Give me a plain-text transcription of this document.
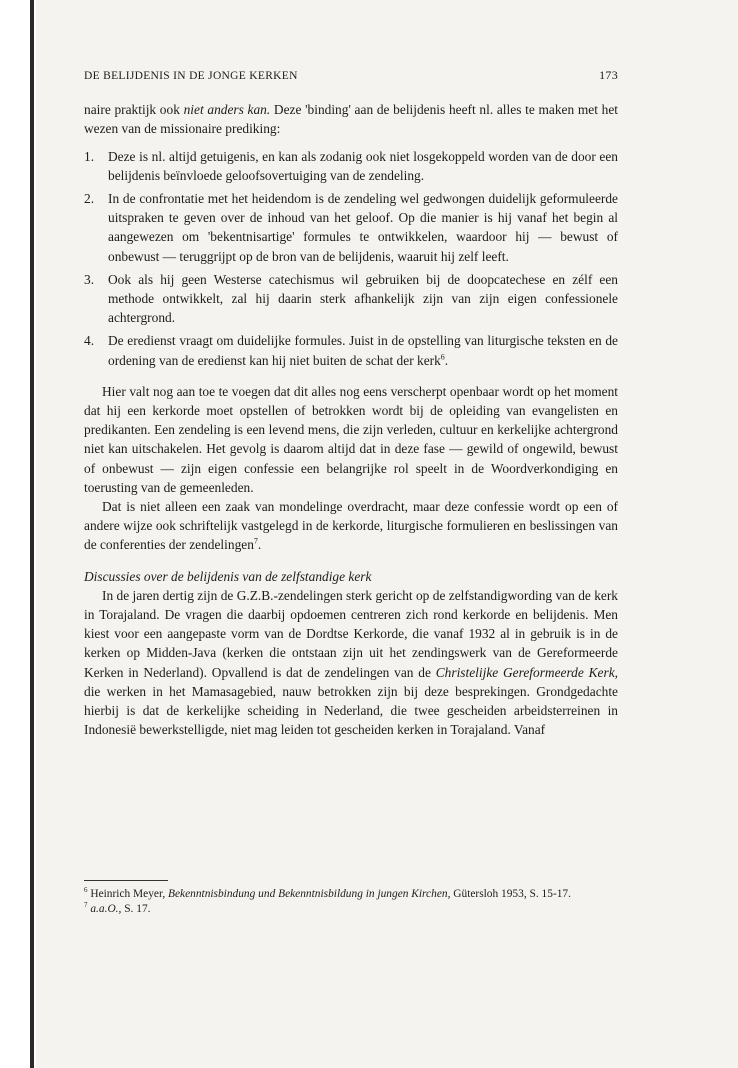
DE BELIJDENIS IN DE JONGE KERKEN	173

naire praktijk ook niet anders kan. Deze 'binding' aan de belijdenis heeft nl. alles te maken met het wezen van de missionaire prediking:

1. Deze is nl. altijd getuigenis, en kan als zodanig ook niet losgekoppeld worden van de door een belijdenis beïnvloede geloofsovertuiging van de zendeling.
2. In de confrontatie met het heidendom is de zendeling wel gedwongen duidelijk geformuleerde uitspraken te geven over de inhoud van het geloof. Op die manier is hij vanaf het begin al aangewezen om 'bekentnisartige' formules te ontwikkelen, waardoor hij — bewust of onbewust — teruggrijpt op de bron van de belijdenis, waaruit hij zelf leeft.
3. Ook als hij geen Westerse catechismus wil gebruiken bij de doopcatechese en zélf een methode ontwikkelt, zal hij daarin sterk afhankelijk zijn van zijn eigen confessionele achtergrond.
4. De eredienst vraagt om duidelijke formules. Juist in de opstelling van liturgische teksten en de ordening van de eredienst kan hij niet buiten de schat der kerk$^6$.

Hier valt nog aan toe te voegen dat dit alles nog eens verscherpt openbaar wordt op het moment dat hij een kerkorde moet opstellen of betrokken wordt bij de opleiding van evangelisten en predikanten. Een zendeling is een levend mens, die zijn verleden, cultuur en kerkelijke achtergrond niet kan uitschakelen. Het gevolg is daarom altijd dat in deze fase — gewild of ongewild, bewust of onbewust — zijn eigen confessie een belangrijke rol speelt in de Woordverkondiging en toerusting van de gemeenleden.

Dat is niet alleen een zaak van mondelinge overdracht, maar deze confessie wordt op een of andere wijze ook schriftelijk vastgelegd in de kerkorde, liturgische formulieren en beslissingen van de conferenties der zendelingen$^7$.

Discussies over de belijdenis van de zelfstandige kerk

In de jaren dertig zijn de G.Z.B.-zendelingen sterk gericht op de zelfstandigwording van de kerk in Torajaland. De vragen die daarbij opdoemen centreren zich rond kerkorde en belijdenis. Men kiest voor een aangepaste vorm van de Dordtse Kerkorde, die vanaf 1932 al in gebruik is in de kerken op Midden-Java (kerken die ontstaan zijn uit het zendingswerk van de Gereformeerde Kerken in Nederland). Opvallend is dat de zendelingen van de Christelijke Gereformeerde Kerk, die werken in het Mamasagebied, nauw betrokken zijn bij deze besprekingen. Grondgedachte hierbij is dat de kerkelijke scheiding in Nederland, die twee gescheiden arbeidsterreinen in Indonesië bewerkstelligde, niet mag leiden tot gescheiden kerken in Torajaland. Vanaf

$^6$ Heinrich Meyer, Bekenntnisbindung und Bekenntnisbildung in jungen Kirchen, Gütersloh 1953, S. 15-17.
$^7$ a.a.O., S. 17.
